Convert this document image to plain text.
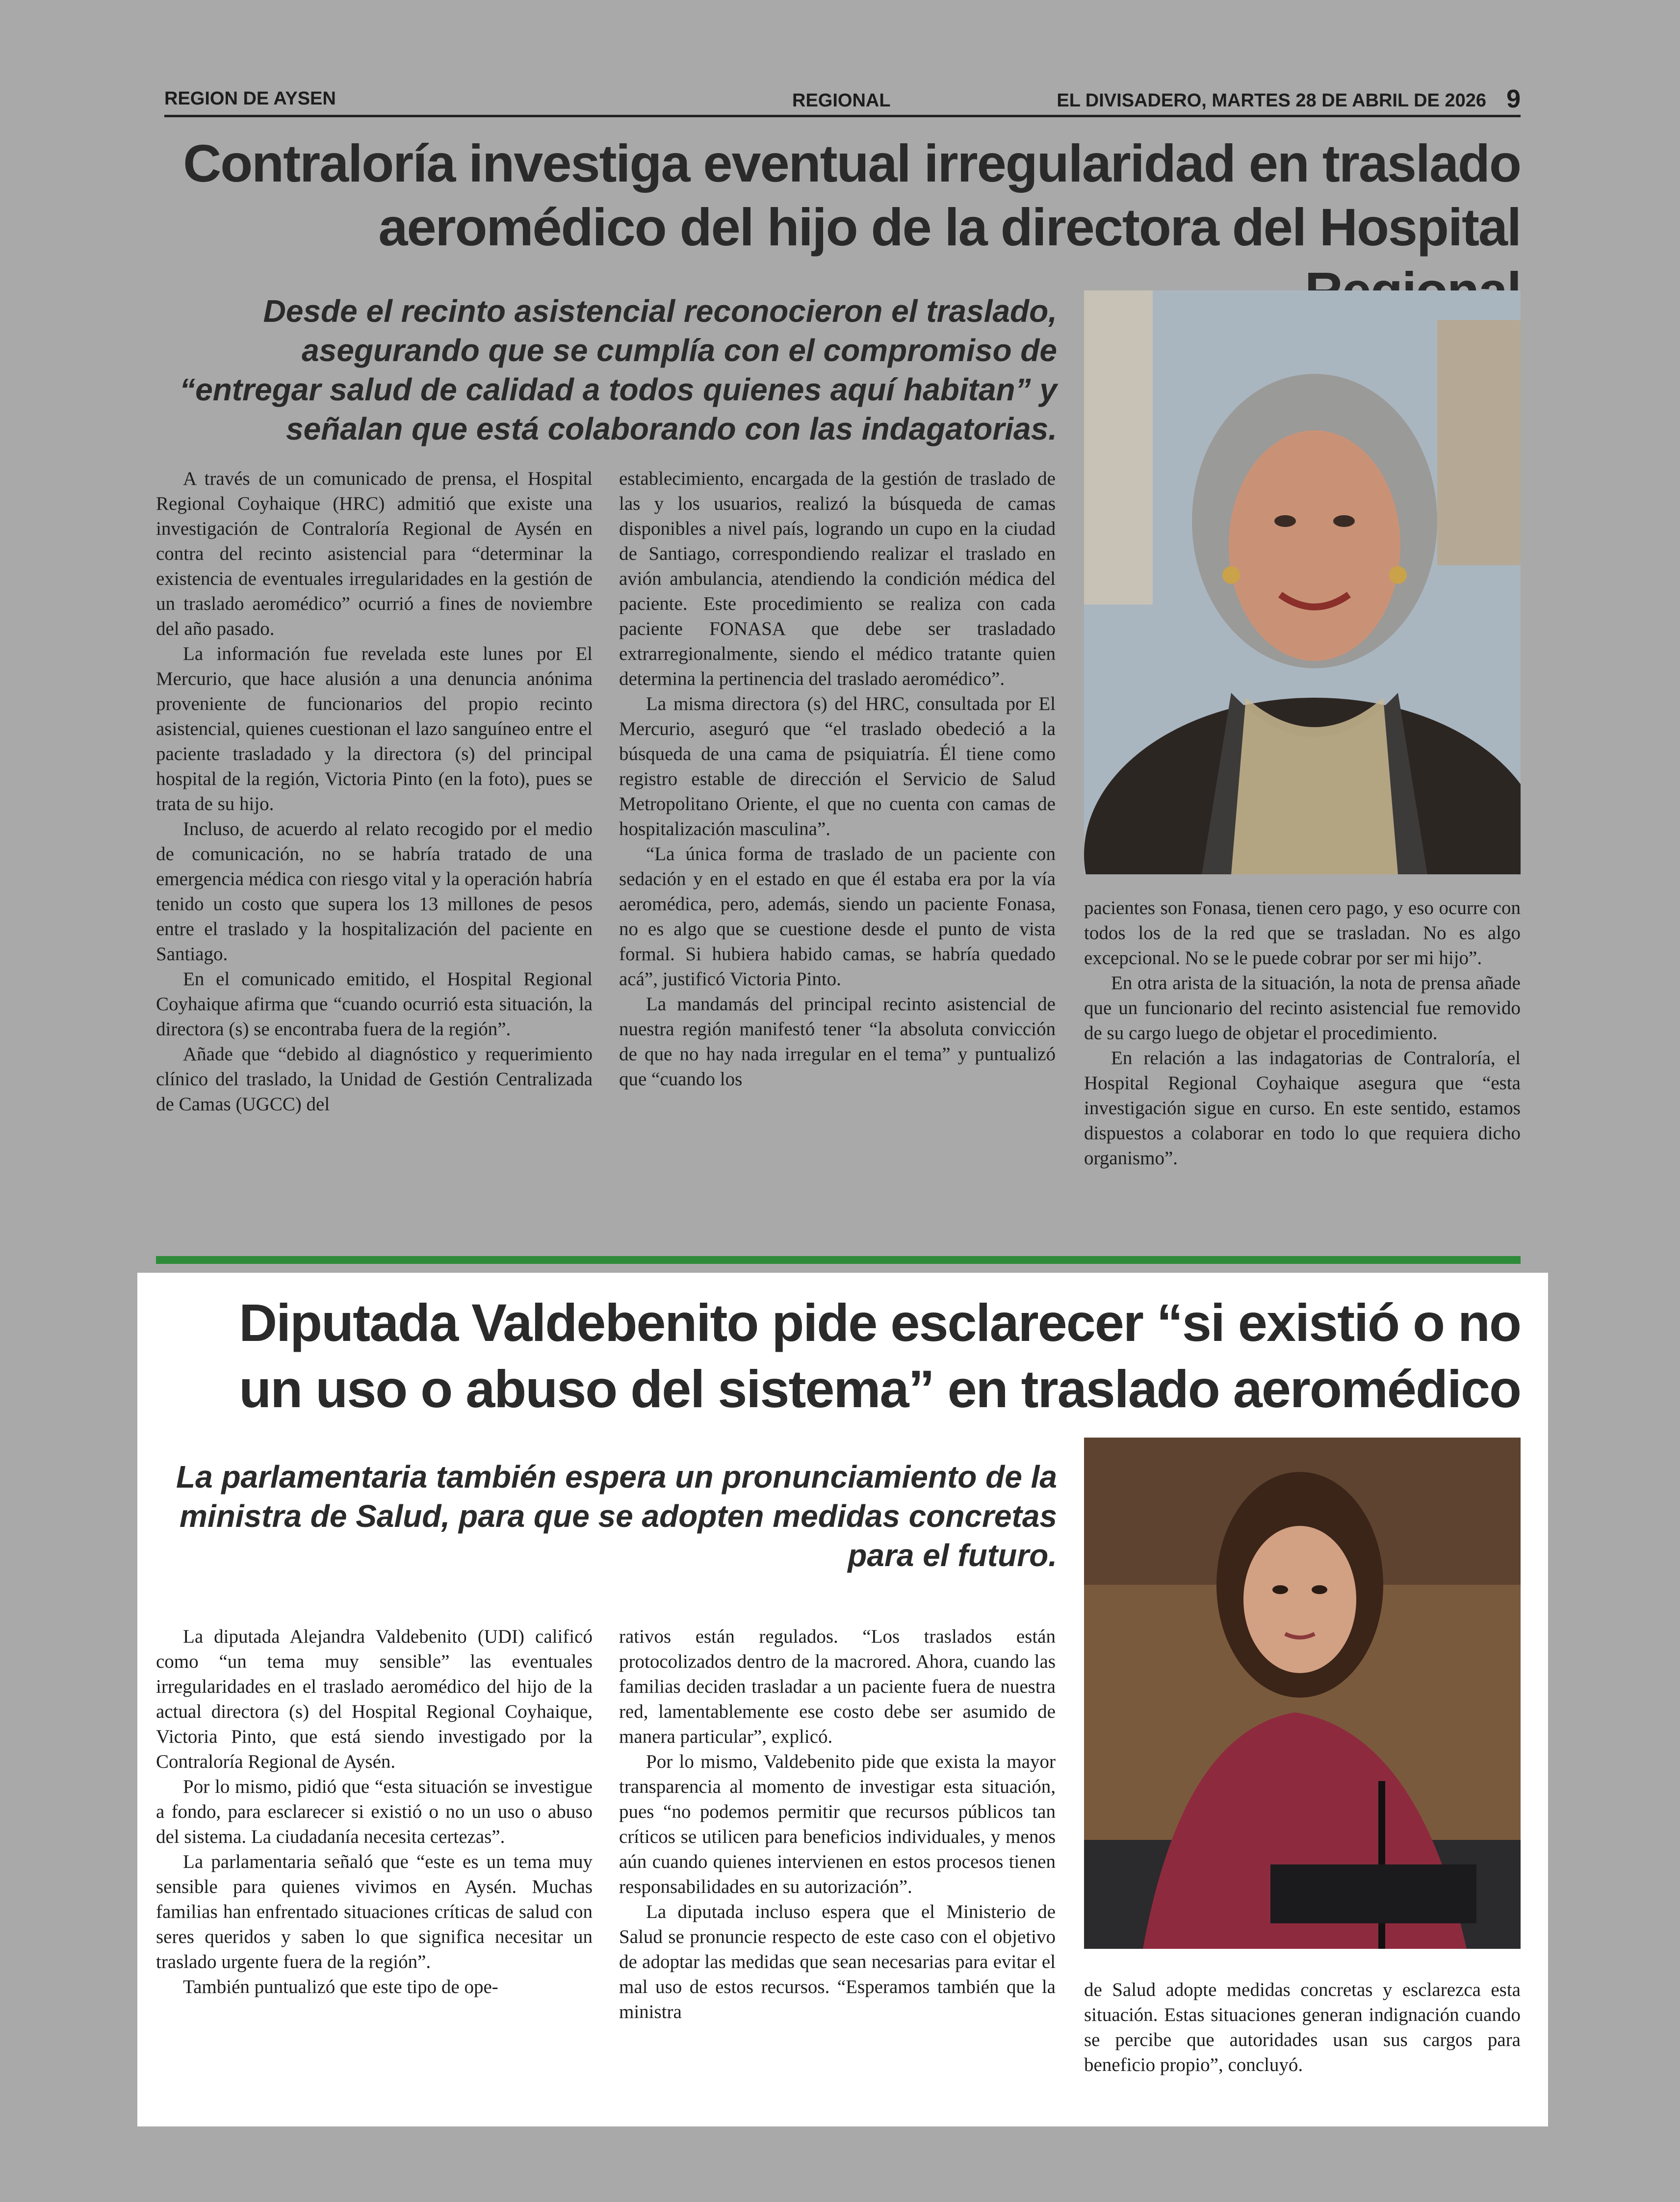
REGION DE AYSEN	REGIONAL	EL DIVISADERO, MARTES 28 DE ABRIL DE 2026 9
Contraloría investiga eventual irregularidad en traslado
aeromédico del hijo de la directora del Hospital
Desde el recinto asistencial reconocieron el traslado, asegurando que se cumplía con el compromiso de “entregar salud de calidad a todos quienes aquí habitan” y señalan que está colaborando con las indagatorias.

A través de un comunicado de prensa, el Hospital Regional Coyhaique (HRC) admitió que existe una investigación de Contraloría Regional de Aysén en contra del recinto asistencial para “determinar la existencia de eventuales irregularidades en la gestión de un traslado aeromédico” ocurrió a fines de noviembre del año pasado.

La información fue revelada este lunes por El Mercurio, que hace alusión a una denuncia anónima proveniente de funcionarios del propio recinto asistencial, quienes cuestionan el lazo sanguíneo entre el paciente trasladado y la directora (s) del principal hospital de la región, Victoria Pinto (en la foto), pues se trata de su hijo.

Incluso, de acuerdo al relato recogido por el medio de comunicación, no se habría tratado de una emergencia médica con riesgo vital y la operación habría tenido un costo que supera los 13 millones de pesos entre el traslado y la hospitalización del paciente en Santiago.

En el comunicado emitido, el Hospital Regional Coyhaique afirma que “cuando ocurrió esta situación, la directora (s) se encontraba fuera de la región”.

Añade que “debido al diagnóstico y requerimiento clínico del traslado, la Unidad de Gestión Centralizada de Camas (UGCC) del

establecimiento, encargada de la gestión de traslado de las y los usuarios, realizó la búsqueda de camas disponibles a nivel país, logrando un cupo en la ciudad de Santiago, correspondiendo realizar el traslado en avión ambulancia, atendiendo la condición médica del paciente. Este procedimiento se realiza con cada paciente FONASA que debe ser trasladado extrarregionalmente, siendo el médico tratante quien determina la pertinencia del traslado aeromédico”.

La misma directora (s) del HRC, consultada por El Mercurio, aseguró que “el traslado obedeció a la búsqueda de una cama de psiquiatría. Él tiene como registro estable de dirección el Servicio de Salud Metropolitano Oriente, el que no cuenta con camas de hospitalización masculina”.

“La única forma de traslado de un paciente con sedación y en el estado en que él estaba era por la vía aeromédica, pero, además, siendo un paciente Fonasa, no es algo que se cuestione desde el punto de vista formal. Si hubiera habido camas, se habría quedado acá”, justificó Victoria Pinto.

La mandamás del principal recinto asistencial de nuestra región manifestó tener “la absoluta convicción de que no hay nada irregular en el tema” y puntualizó que “cuando los

pacientes son Fonasa, tienen cero pago, y eso ocurre con todos los de la red que se trasladan. No es algo excepcional. No se le puede cobrar por ser mi hijo”.

En otra arista de la situación, la nota de prensa añade que un funcionario del recinto asistencial fue removido de su cargo luego de objetar el procedimiento.

En relación a las indagatorias de Contraloría, el Hospital Regional Coyhaique asegura que “esta investigación sigue en curso. En este sentido, estamos dispuestos a colaborar en todo lo que requiera dicho organismo”.

Diputada Valdebenito pide esclarecer “si existió o no
un uso o abuso del sistema” en traslado aeromédico
La parlamentaria también espera un pronunciamiento de la ministra de Salud, para que se adopten medidas concretas para el futuro.

La diputada Alejandra Valdebenito (UDI) calificó como “un tema muy sensible” las eventuales irregularidades en el traslado aeromédico del hijo de la actual directora (s) del Hospital Regional Coyhaique, Victoria Pinto, que está siendo investigado por la Contraloría Regional de Aysén.

Por lo mismo, pidió que “esta situación se investigue a fondo, para esclarecer si existió o no un uso o abuso del sistema. La ciudadanía necesita certezas”.

La parlamentaria señaló que “este es un tema muy sensible para quienes vivimos en Aysén. Muchas familias han enfrentado situaciones críticas de salud con seres queridos y saben lo que significa necesitar un traslado urgente fuera de la región”.

También puntualizó que este tipo de ope-

rativos están regulados. “Los traslados están protocolizados dentro de la macrored. Ahora, cuando las familias deciden trasladar a un paciente fuera de nuestra red, lamentablemente ese costo debe ser asumido de manera particular”, explicó.

Por lo mismo, Valdebenito pide que exista la mayor transparencia al momento de investigar esta situación, pues “no podemos permitir que recursos públicos tan críticos se utilicen para beneficios individuales, y menos aún cuando quienes intervienen en estos procesos tienen responsabilidades en su autorización”.

La diputada incluso espera que el Ministerio de Salud se pronuncie respecto de este caso con el objetivo de adoptar las medidas que sean necesarias para evitar el mal uso de estos recursos. “Esperamos también que la ministra

de Salud adopte medidas concretas y esclarezca esta situación. Estas situaciones generan indignación cuando se percibe que autoridades usan sus cargos para beneficio propio”, concluyó.
